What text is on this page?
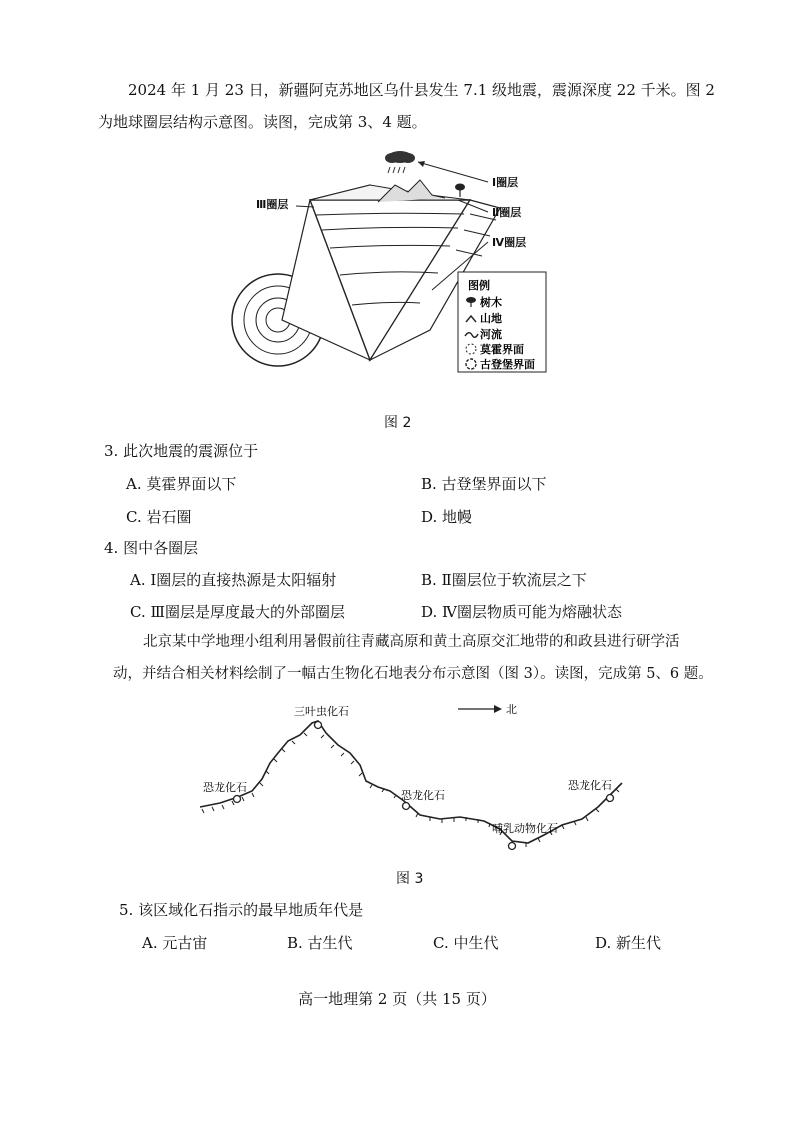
2024 年 1 月 23 日，新疆阿克苏地区乌什县发生 7.1 级地震，震源深度 22 千米。图 2
为地球圈层结构示意图。读图，完成第 3、4 题。
Ⅰ圈层
Ⅱ圈层
Ⅲ圈层
Ⅳ圈层
图例
树木
山地
河流
莫霍界面
古登堡界面
图 2
3. 此次地震的震源位于
A. 莫霍界面以下	B. 古登堡界面以下
C. 岩石圈	D. 地幔
4. 图中各圈层
A. Ⅰ圈层的直接热源是太阳辐射	B. Ⅱ圈层位于软流层之下
C. Ⅲ圈层是厚度最大的外部圈层	D. Ⅳ圈层物质可能为熔融状态
北京某中学地理小组利用暑假前往青藏高原和黄土高原交汇地带的和政县进行研学活
动，并结合相关材料绘制了一幅古生物化石地表分布示意图（图 3）。读图，完成第 5、6 题。
北
三叶虫化石
恐龙化石
恐龙化石
恐龙化石
哺乳动物化石
图 3
5. 该区域化石指示的最早地质年代是
A. 元古宙	B. 古生代	C. 中生代	D. 新生代
高一地理第 2 页（共 15 页）
